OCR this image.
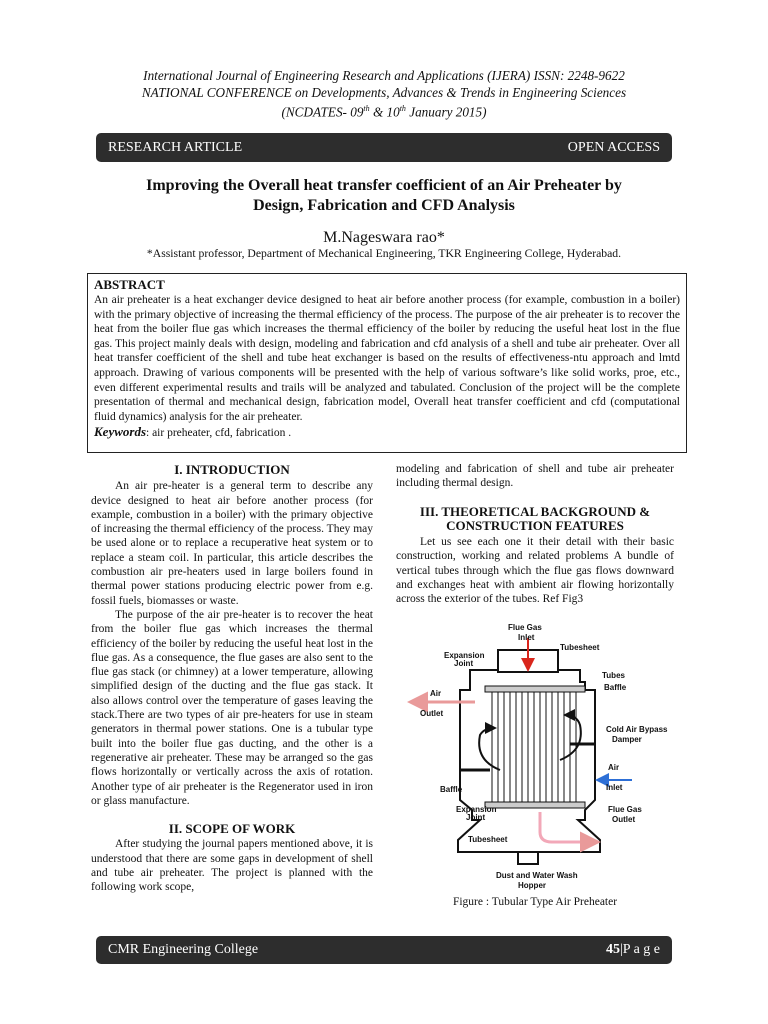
International Journal of Engineering Research and Applications (IJERA) ISSN: 2248-9622
NATIONAL CONFERENCE on Developments, Advances & Trends in Engineering Sciences
(NCDATES- 09th & 10th January 2015)
RESEARCH ARTICLE	OPEN ACCESS
Improving the Overall heat transfer coefficient of an Air Preheater by
Design, Fabrication and CFD Analysis
M.Nageswara rao*
*Assistant professor, Department of Mechanical Engineering, TKR Engineering College, Hyderabad.
ABSTRACT
An air preheater is a heat exchanger device designed to heat air before another process (for example, combustion in a boiler) with the primary objective of increasing the thermal efficiency of the process. The purpose of the air preheater is to recover the heat from the boiler flue gas which increases the thermal efficiency of the boiler by reducing the useful heat lost in the flue gas. This project mainly deals with design, modeling and fabrication and cfd analysis of a shell and tube air preheater. Over all heat transfer coefficient of the shell and tube heat exchanger is based on the results of effectiveness-ntu approach and lmtd approach. Drawing of various components will be presented with the help of various software’s like solid works, proe, etc., even different experimental results and trails will be analyzed and tabulated. Conclusion of the project will be the complete presentation of thermal and mechanical design, fabrication model, Overall heat transfer coefficient and cfd (computational fluid dynamics) analysis for the air preheater.
Keywords: air preheater, cfd, fabrication .
I. INTRODUCTION

An air pre-heater is a general term to describe any device designed to heat air before another process (for example, combustion in a boiler) with the primary objective of increasing the thermal efficiency of the process. They may be used alone or to replace a recuperative heat system or to replace a steam coil. In particular, this article describes the combustion air pre-heaters used in large boilers found in thermal power stations producing electric power from e.g. fossil fuels, biomasses or waste.

The purpose of the air pre-heater is to recover the heat from the boiler flue gas which increases the thermal efficiency of the boiler by reducing the useful heat lost in the flue gas. As a consequence, the flue gases are also sent to the flue gas stack (or chimney) at a lower temperature, allowing simplified design of the ducting and the flue gas stack. It also allows control over the temperature of gases leaving the stack.There are two types of air pre-heaters for use in steam generators in thermal power stations. One is a tubular type built into the boiler flue gas ducting, and the other is a regenerative air preheater. These may be arranged so the gas flows horizontally or vertically across the axis of rotation. Another type of air preheater is the Regenerator used in iron or glass manufacture.

II. SCOPE OF WORK

After studying the journal papers mentioned above, it is understood that there are some gaps in development of shell and tube air preheater. The project is planned with the following work scope,

modeling and fabrication of shell and tube air preheater including thermal design.

III. THEORETICAL BACKGROUND &
CONSTRUCTION FEATURES

Let us see each one it their detail with their basic construction, working and related problems A bundle of vertical tubes through which the flue gas flows downward and exchanges heat with ambient air flowing horizontally across the exterior of the tubes. Ref Fig3

Flue Gas
Inlet
Tubesheet
Expansion
Joint
Tubes
Baffle
Air
Outlet
Cold Air Bypass
Damper
Air
Inlet
Baffle
Expansion
Joint
Flue Gas
Outlet
Tubesheet
Dust and Water Wash
Hopper
Figure : Tubular Type Air Preheater
CMR Engineering College	45|P a g e
